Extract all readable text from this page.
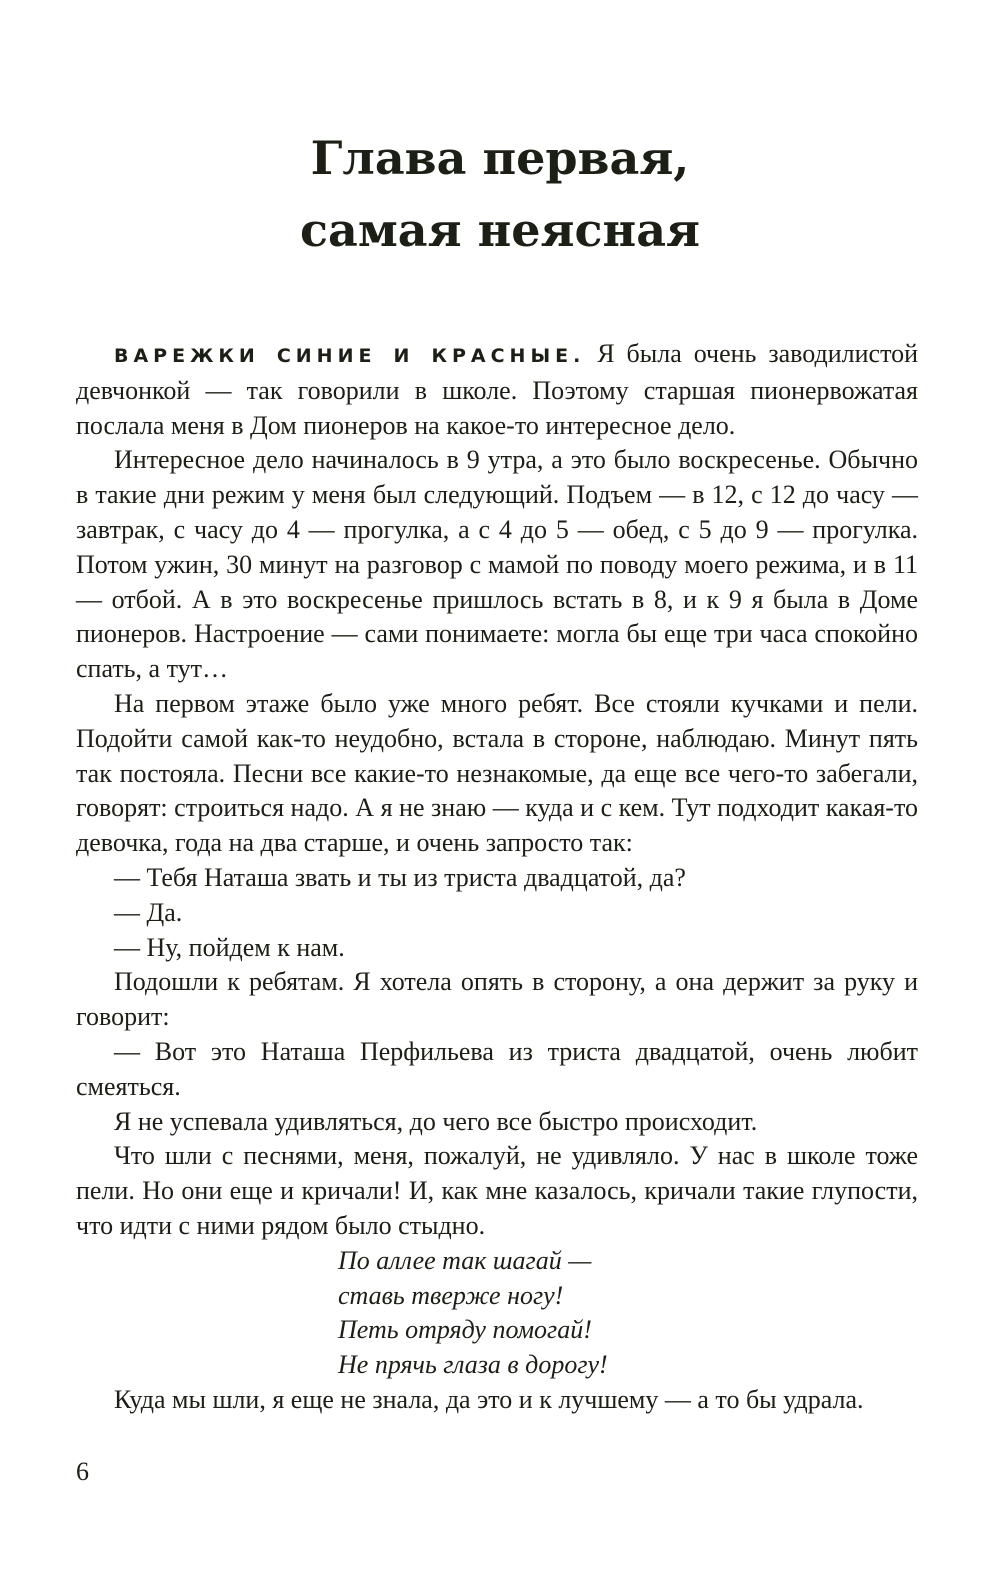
Глава первая,
самая неясная

ВАРЕЖКИ СИНИЕ И КРАСНЫЕ. Я была очень заводилистой девчонкой — так говорили в школе. Поэтому старшая пионервожатая послала меня в Дом пионеров на какое-то интересное дело.

Интересное дело начиналось в 9 утра, а это было воскресенье. Обычно в такие дни режим у меня был следующий. Подъем — в 12, с 12 до часу — завтрак, с часу до 4 — прогулка, а с 4 до 5 — обед, с 5 до 9 — прогулка. Потом ужин, 30 минут на разговор с мамой по поводу моего режима, и в 11 — отбой. А в это воскресенье пришлось встать в 8, и к 9 я была в Доме пионеров. Настроение — сами понимаете: могла бы еще три часа спокойно спать, а тут…

На первом этаже было уже много ребят. Все стояли кучками и пели. Подойти самой как-то неудобно, встала в стороне, наблюдаю. Минут пять так постояла. Песни все какие-то незнакомые, да еще все чего-то забегали, говорят: строиться надо. А я не знаю — куда и с кем. Тут подходит какая-то девочка, года на два старше, и очень запросто так:

— Тебя Наташа звать и ты из триста двадцатой, да?

— Да.

— Ну, пойдем к нам.

Подошли к ребятам. Я хотела опять в сторону, а она держит за руку и говорит:

— Вот это Наташа Перфильева из триста двадцатой, очень любит смеяться.

Я не успевала удивляться, до чего все быстро происходит.

Что шли с песнями, меня, пожалуй, не удивляло. У нас в школе тоже пели. Но они еще и кричали! И, как мне казалось, кричали такие глупости, что идти с ними рядом было стыдно.

По аллее так шагай —
ставь тверже ногу!
Петь отряду помогай!
Не прячь глаза в дорогу!

Куда мы шли, я еще не знала, да это и к лучшему — а то бы удрала.

6
